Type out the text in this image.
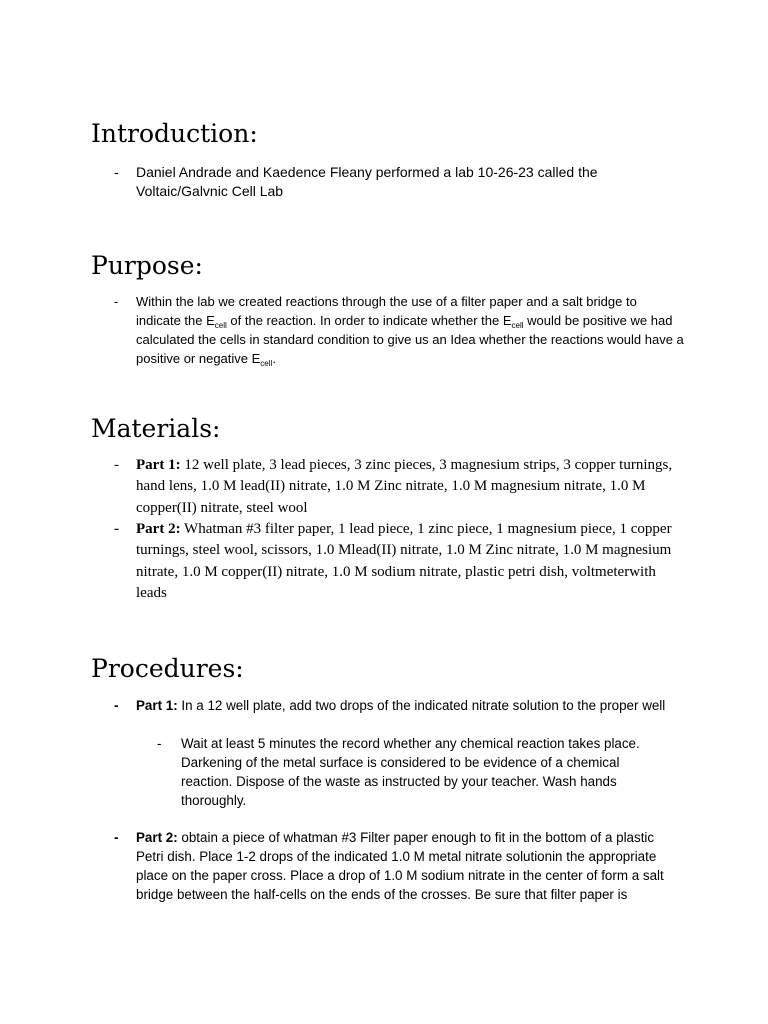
Introduction:
- Daniel Andrade and Kaedence Fleany performed a lab 10-26-23 called the Voltaic/Galvnic Cell Lab
Purpose:
- Within the lab we created reactions through the use of a filter paper and a salt bridge to indicate the $E_{cell}$ of the reaction. In order to indicate whether the $E_{cell}$ would be positive we had calculated the cells in standard condition to give us an Idea whether the reactions would have a positive or negative $E_{cell}$.
Materials:
- Part 1: 12 well plate, 3 lead pieces, 3 zinc pieces, 3 magnesium strips, 3 copper turnings, hand lens, 1.0 M lead(II) nitrate, 1.0 M Zinc nitrate, 1.0 M magnesium nitrate, 1.0 M copper(II) nitrate, steel wool
- Part 2: Whatman #3 filter paper, 1 lead piece, 1 zinc piece, 1 magnesium piece, 1 copper turnings, steel wool, scissors, 1.0 Mlead(II) nitrate, 1.0 M Zinc nitrate, 1.0 M magnesium nitrate, 1.0 M copper(II) nitrate, 1.0 M sodium nitrate, plastic petri dish, voltmeterwith leads
Procedures:
- Part 1: In a 12 well plate, add two drops of the indicated nitrate solution to the proper well
- Wait at least 5 minutes the record whether any chemical reaction takes place. Darkening of the metal surface is considered to be evidence of a chemical reaction. Dispose of the waste as instructed by your teacher. Wash hands thoroughly.
- Part 2: obtain a piece of whatman #3 Filter paper enough to fit in the bottom of a plastic Petri dish. Place 1-2 drops of the indicated 1.0 M metal nitrate solutionin the appropriate place on the paper cross. Place a drop of 1.0 M sodium nitrate in the center of form a salt bridge between the half-cells on the ends of the crosses. Be sure that filter paper is
